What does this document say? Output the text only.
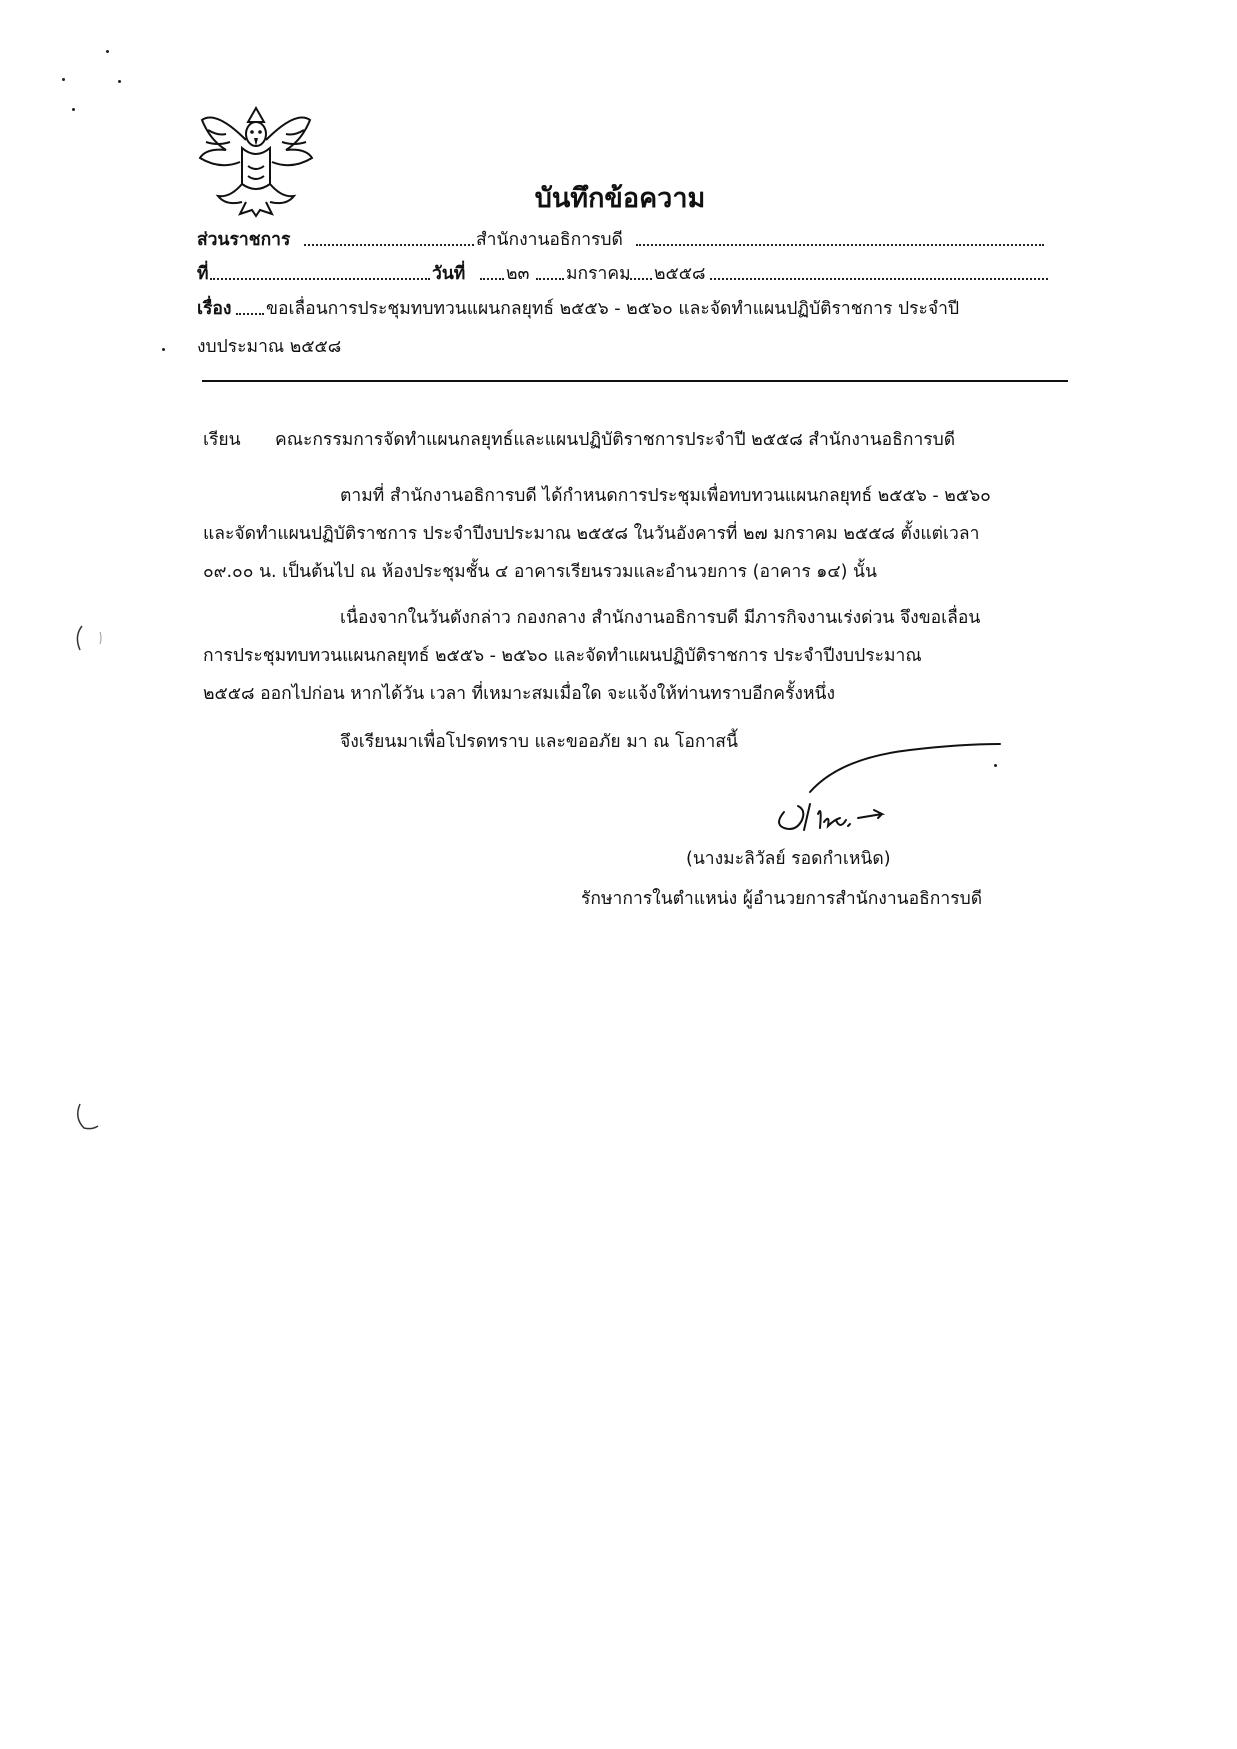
บันทึกข้อความ
ส่วนราชการ	สำนักงานอธิการบดี
ที่	วันที่ ๒๓ มกราคม ๒๕๕๘
เรื่อง ขอเลื่อนการประชุมทบทวนแผนกลยุทธ์ ๒๕๕๖ - ๒๕๖๐ และจัดทำแผนปฏิบัติราชการ ประจำปี
งบประมาณ ๒๕๕๘
เรียน คณะกรรมการจัดทำแผนกลยุทธ์และแผนปฏิบัติราชการประจำปี ๒๕๕๘ สำนักงานอธิการบดี
ตามที่ สำนักงานอธิการบดี ได้กำหนดการประชุมเพื่อทบทวนแผนกลยุทธ์ ๒๕๕๖ - ๒๕๖๐
และจัดทำแผนปฏิบัติราชการ ประจำปีงบประมาณ ๒๕๕๘ ในวันอังคารที่ ๒๗ มกราคม ๒๕๕๘ ตั้งแต่เวลา
๐๙.๐๐ น. เป็นต้นไป ณ ห้องประชุมชั้น ๔ อาคารเรียนรวมและอำนวยการ (อาคาร ๑๔) นั้น
เนื่องจากในวันดังกล่าว กองกลาง สำนักงานอธิการบดี มีภารกิจงานเร่งด่วน จึงขอเลื่อน
การประชุมทบทวนแผนกลยุทธ์ ๒๕๕๖ - ๒๕๖๐ และจัดทำแผนปฏิบัติราชการ ประจำปีงบประมาณ
๒๕๕๘ ออกไปก่อน หากได้วัน เวลา ที่เหมาะสมเมื่อใด จะแจ้งให้ท่านทราบอีกครั้งหนึ่ง
จึงเรียนมาเพื่อโปรดทราบ และขออภัย มา ณ โอกาสนี้
(นางมะลิวัลย์ รอดกำเหนิด)
รักษาการในตำแหน่ง ผู้อำนวยการสำนักงานอธิการบดี
